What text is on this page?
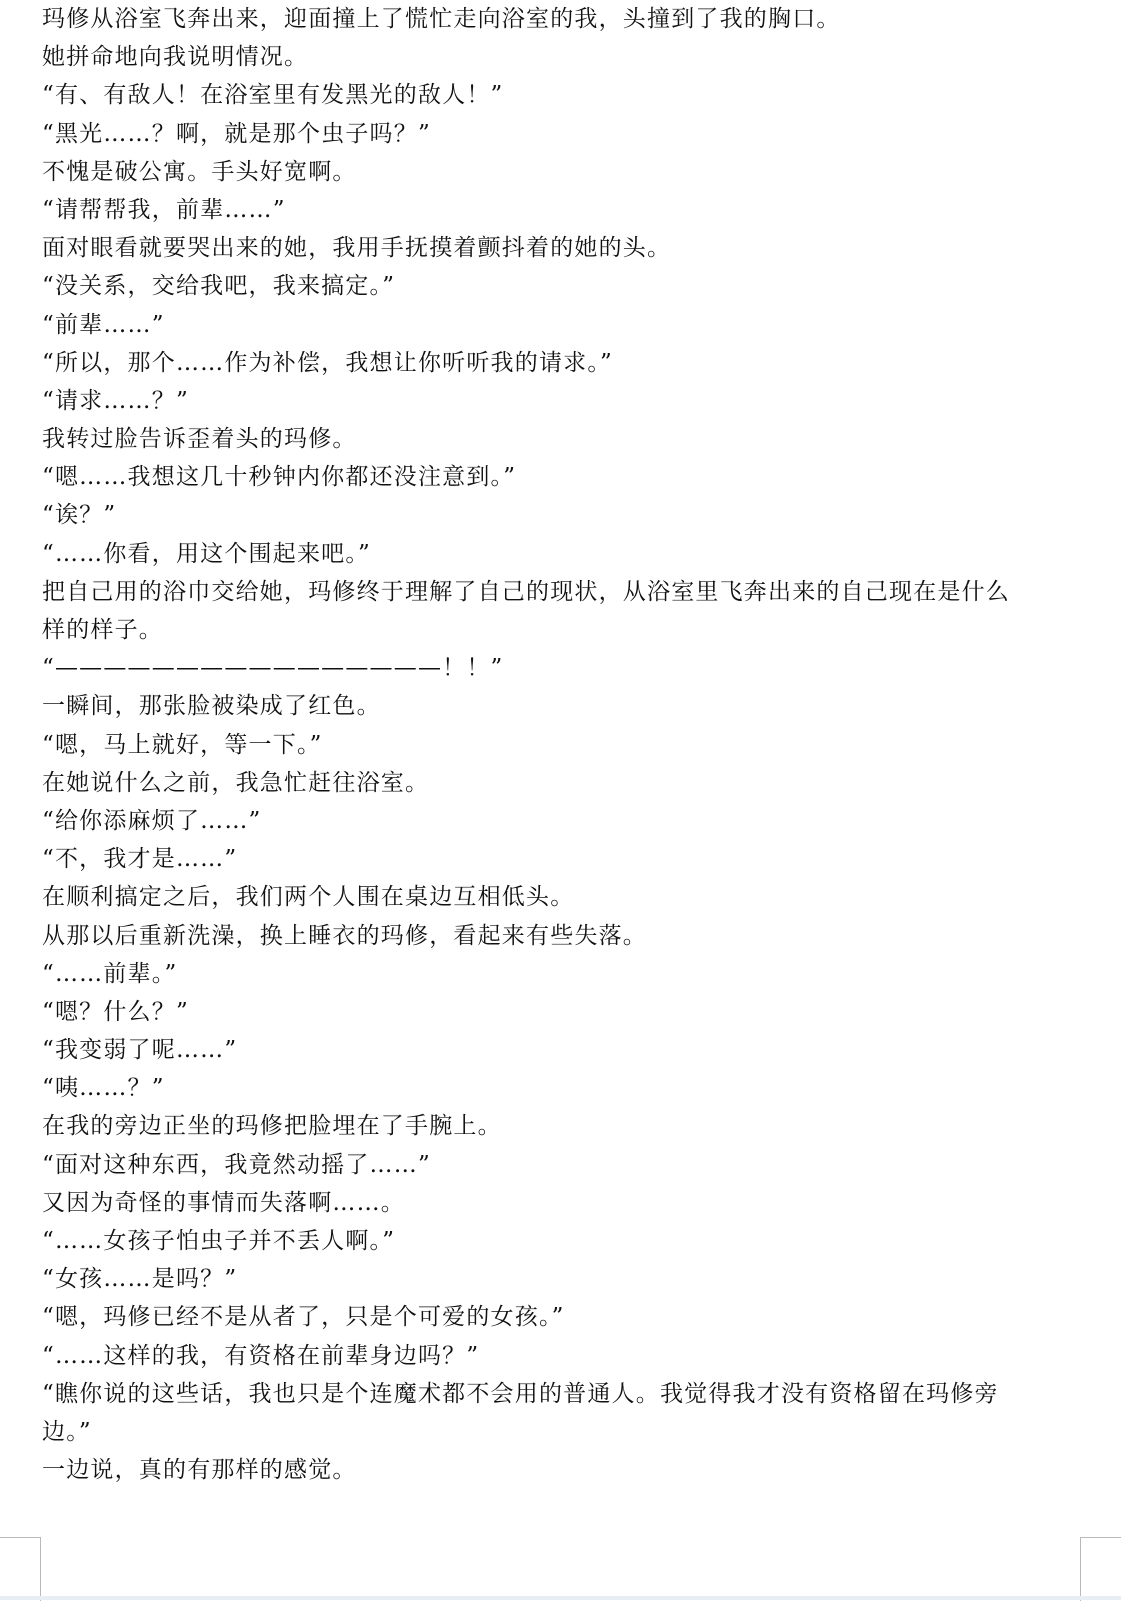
玛修从浴室飞奔出来，迎面撞上了慌忙走向浴室的我，头撞到了我的胸口。
她拼命地向我说明情况。
“有、有敌人！在浴室里有发黑光的敌人！”
“黑光……？啊，就是那个虫子吗？”
不愧是破公寓。手头好宽啊。
“请帮帮我，前辈……”
面对眼看就要哭出来的她，我用手抚摸着颤抖着的她的头。
“没关系，交给我吧，我来搞定。”
“前辈……”
“所以，那个……作为补偿，我想让你听听我的请求。”
“请求……？”
我转过脸告诉歪着头的玛修。
“嗯……我想这几十秒钟内你都还没注意到。”
“诶？”
“……你看，用这个围起来吧。”
把自己用的浴巾交给她，玛修终于理解了自己的现状，从浴室里飞奔出来的自己现在是什么
样的样子。
“————————————————！！”
一瞬间，那张脸被染成了红色。
“嗯，马上就好，等一下。”
在她说什么之前，我急忙赶往浴室。
“给你添麻烦了……”
“不，我才是……”
在顺利搞定之后，我们两个人围在桌边互相低头。
从那以后重新洗澡，换上睡衣的玛修，看起来有些失落。
“……前辈。”
“嗯？什么？”
“我变弱了呢……”
“咦……？”
在我的旁边正坐的玛修把脸埋在了手腕上。
“面对这种东西，我竟然动摇了……”
又因为奇怪的事情而失落啊……。
“……女孩子怕虫子并不丢人啊。”
“女孩……是吗？”
“嗯，玛修已经不是从者了，只是个可爱的女孩。”
“……这样的我，有资格在前辈身边吗？”
“瞧你说的这些话，我也只是个连魔术都不会用的普通人。我觉得我才没有资格留在玛修旁
边。”
一边说，真的有那样的感觉。
